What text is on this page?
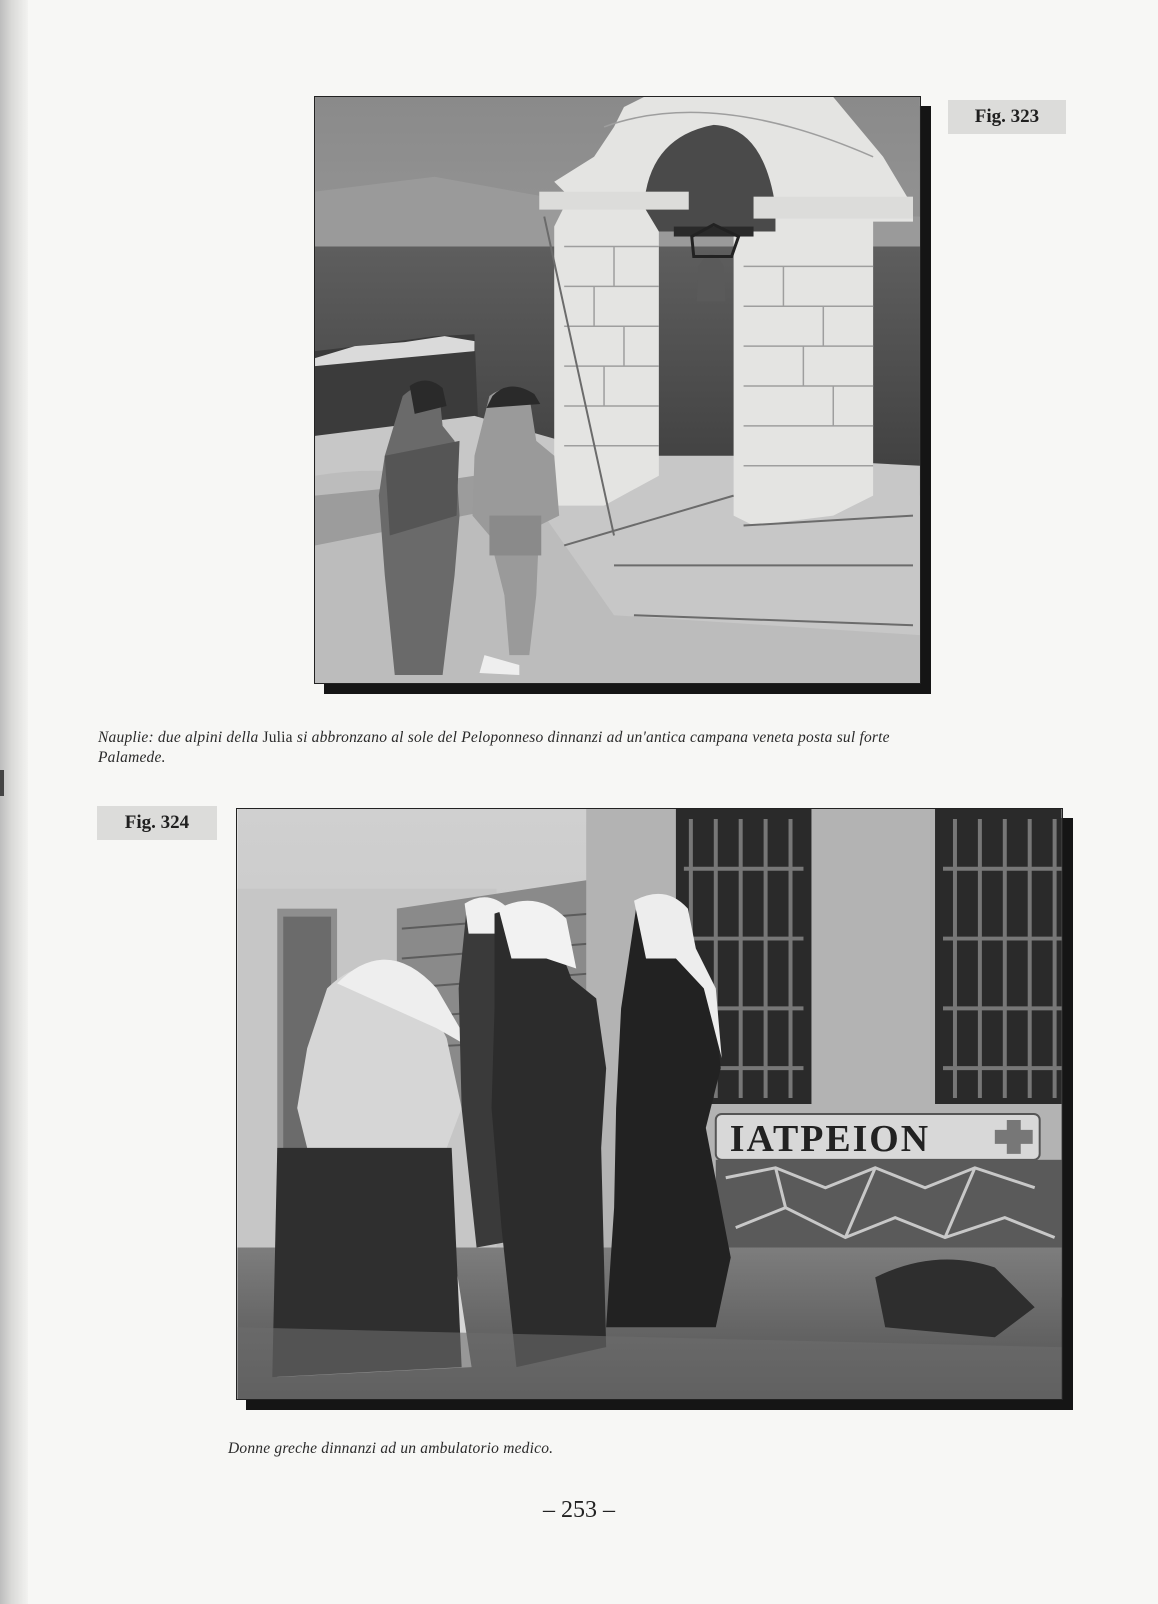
Fig. 323
Nauplie: due alpini della Julia si abbronzano al sole del Peloponneso dinnanzi ad un'antica campana veneta posta sul forte Palamede.
Fig. 324
IATPEION
Donne greche dinnanzi ad un ambulatorio medico.
– 253 –
